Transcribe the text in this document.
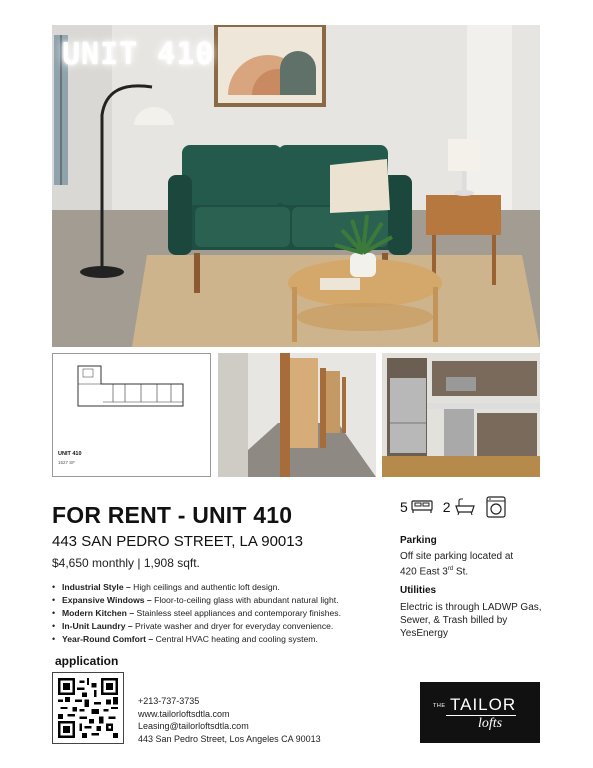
UNIT 410
UNIT 410
1527 SF
FOR RENT - UNIT 410
443 SAN PEDRO STREET, LA 90013
$4,650 monthly | 1,908 sqft.
• Industrial Style – High ceilings and authentic loft design.
• Expansive Windows – Floor-to-ceiling glass with abundant natural light.
• Modern Kitchen – Stainless steel appliances and contemporary finishes.
• In-Unit Laundry – Private washer and dryer for everyday convenience.
• Year-Round Comfort – Central HVAC heating and cooling system.
5	2
Parking
Off site parking located at
420 East 3rd St.
Utilities
Electric is through LADWP Gas, Sewer, & Trash billed by YesEnergy
application
+213-737-3735
www.tailorloftsdtla.com
Leasing@tailorloftsdtla.com
443 San Pedro Street, Los Angeles CA 90013
THE TAILOR
lofts
